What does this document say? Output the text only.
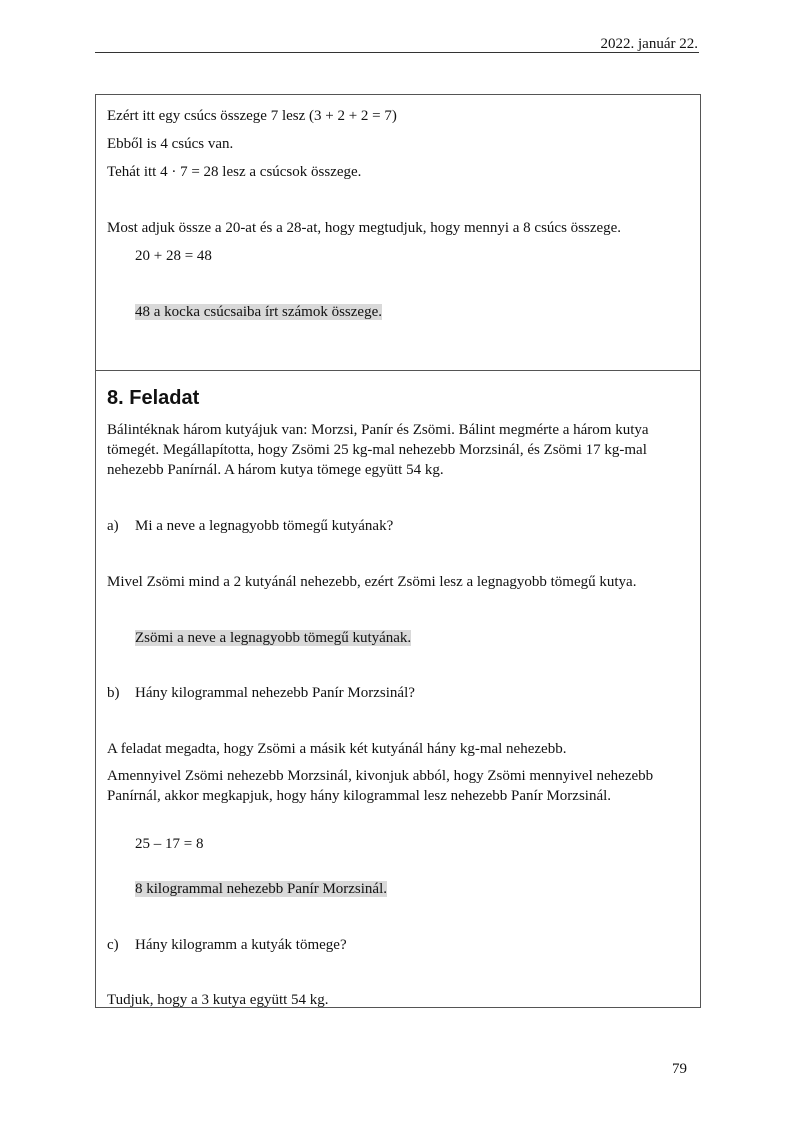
2022. január 22.
Ezért itt egy csúcs összege 7 lesz (3 + 2 + 2 = 7)
Ebből is 4 csúcs van.
Tehát itt 4 · 7 = 28 lesz a csúcsok összege.
Most adjuk össze a 20-at és a 28-at, hogy megtudjuk, hogy mennyi a 8 csúcs összege.
20 + 28 = 48
48 a kocka csúcsaiba írt számok összege.
8. Feladat
Bálintéknak három kutyájuk van: Morzsi, Panír és Zsömi. Bálint megmérte a három kutya tömegét. Megállapította, hogy Zsömi 25 kg-mal nehezebb Morzsinál, és Zsömi 17 kg-mal nehezebb Panírnál. A három kutya tömege együtt 54 kg.
a) Mi a neve a legnagyobb tömegű kutyának?
Mivel Zsömi mind a 2 kutyánál nehezebb, ezért Zsömi lesz a legnagyobb tömegű kutya.
Zsömi a neve a legnagyobb tömegű kutyának.
b) Hány kilogrammal nehezebb Panír Morzsinál?
A feladat megadta, hogy Zsömi a másik két kutyánál hány kg-mal nehezebb.
Amennyivel Zsömi nehezebb Morzsinál, kivonjuk abból, hogy Zsömi mennyivel nehezebb Panírnál, akkor megkapjuk, hogy hány kilogrammal lesz nehezebb Panír Morzsinál.
25 – 17 = 8
8 kilogrammal nehezebb Panír Morzsinál.
c) Hány kilogramm a kutyák tömege?
Tudjuk, hogy a 3 kutya együtt 54 kg.
79
